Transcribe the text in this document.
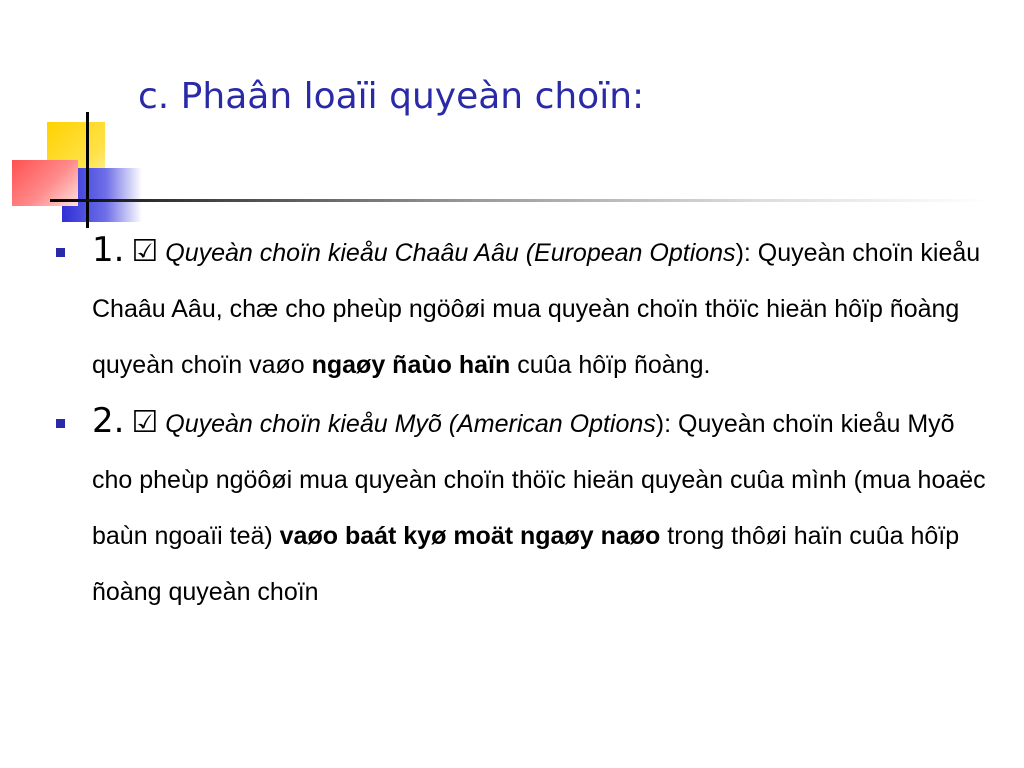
c. Phaân loaïi quyeàn choïn:
1. ☑ Quyeàn choïn kieåu Chaâu Aâu (European Options): Quyeàn choïn kieåu Chaâu Aâu, chæ cho pheùp ngöôøi mua quyeàn choïn thöïc hieän hôïp ñoàng quyeàn choïn vaøo ngaøy ñaùo haïn cuûa hôïp ñoàng.
2. ☑ Quyeàn choïn kieåu Myõ (American Options): Quyeàn choïn kieåu Myõ cho pheùp ngöôøi mua quyeàn choïn thöïc hieän quyeàn cuûa mình (mua hoaëc baùn ngoaïi teä) vaøo baát kyø moät ngaøy naøo trong thôøi haïn cuûa hôïp ñoàng quyeàn choïn
